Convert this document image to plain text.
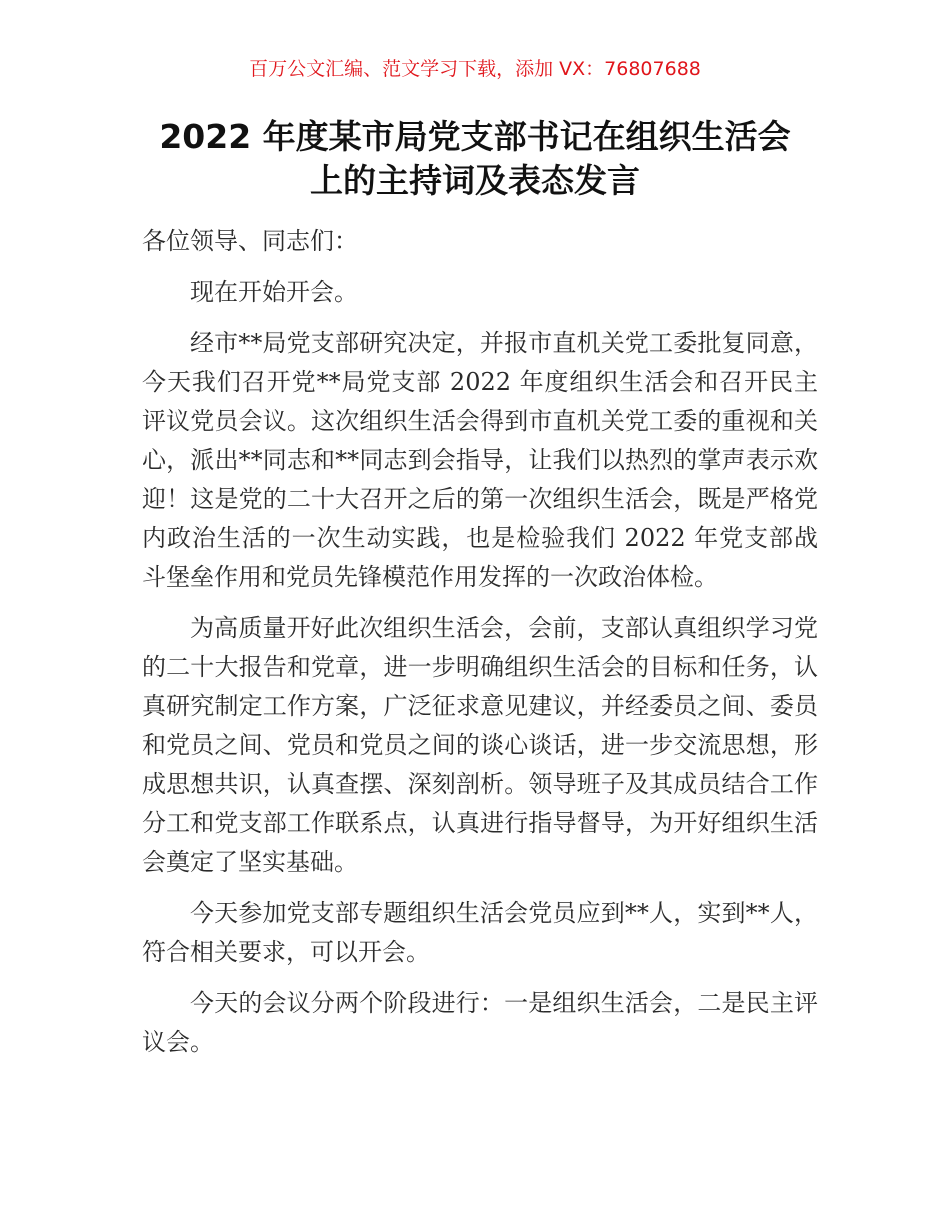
百万公文汇编、范文学习下载，添加 VX：76807688
2022 年度某市局党支部书记在组织生活会
上的主持词及表态发言

各位领导、同志们：

现在开始开会。

经市**局党支部研究决定，并报市直机关党工委批复同意，今天我们召开党**局党支部 2022 年度组织生活会和召开民主评议党员会议。这次组织生活会得到市直机关党工委的重视和关心，派出**同志和**同志到会指导，让我们以热烈的掌声表示欢迎！这是党的二十大召开之后的第一次组织生活会，既是严格党内政治生活的一次生动实践，也是检验我们 2022 年党支部战斗堡垒作用和党员先锋模范作用发挥的一次政治体检。

为高质量开好此次组织生活会，会前，支部认真组织学习党的二十大报告和党章，进一步明确组织生活会的目标和任务，认真研究制定工作方案，广泛征求意见建议，并经委员之间、委员和党员之间、党员和党员之间的谈心谈话，进一步交流思想，形成思想共识，认真查摆、深刻剖析。领导班子及其成员结合工作分工和党支部工作联系点，认真进行指导督导，为开好组织生活会奠定了坚实基础。

今天参加党支部专题组织生活会党员应到**人，实到**人，符合相关要求，可以开会。

今天的会议分两个阶段进行：一是组织生活会，二是民主评议会。
